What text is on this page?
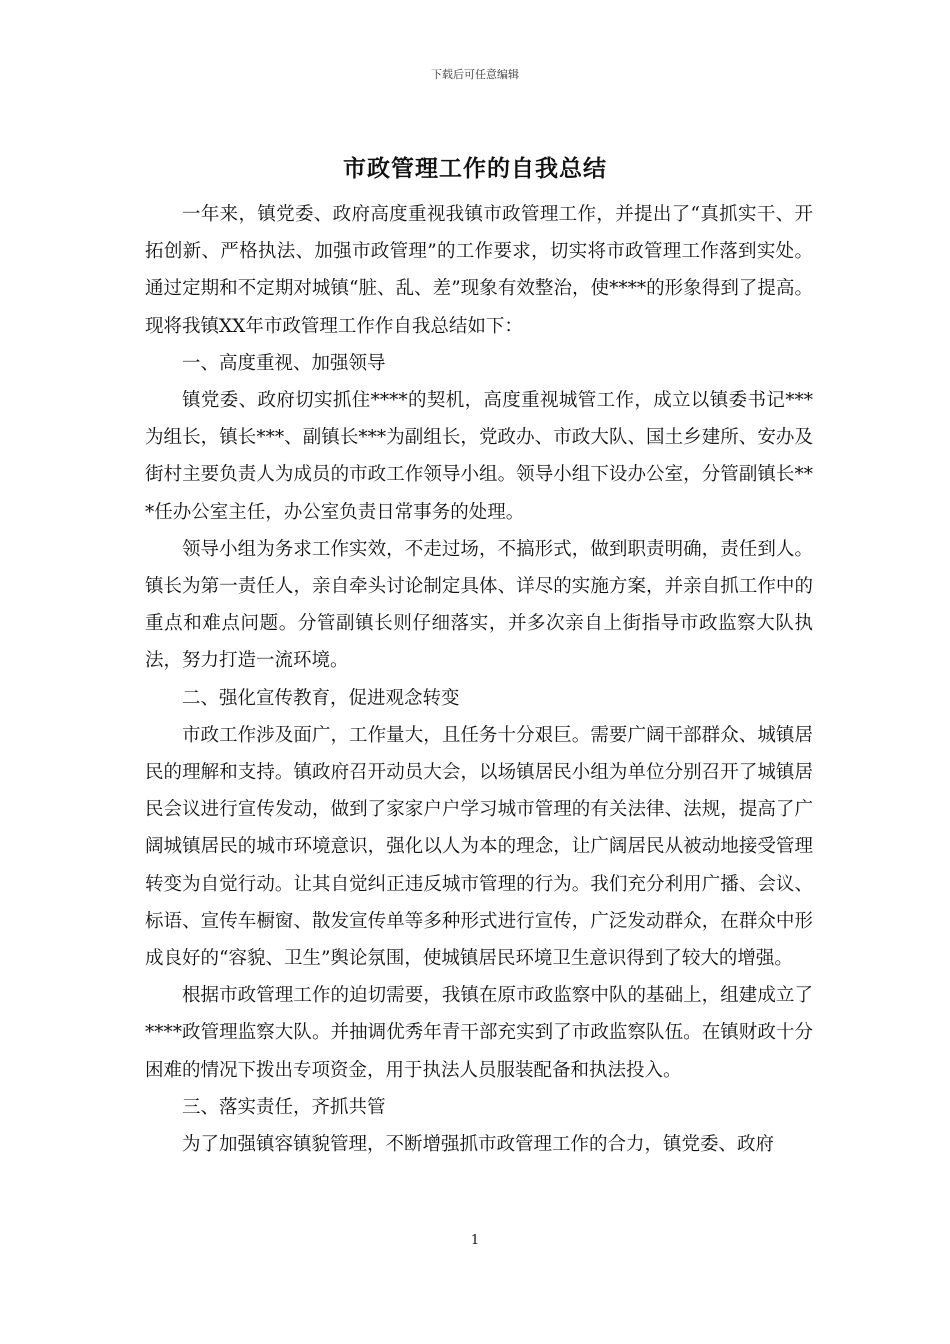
下载后可任意编辑
市政管理工作的自我总结

一年来，镇党委、政府高度重视我镇市政管理工作，并提出了“真抓实干、开拓创新、严格执法、加强市政管理”的工作要求，切实将市政管理工作落到实处。通过定期和不定期对城镇“脏、乱、差”现象有效整治，使****的形象得到了提高。现将我镇XX年市政管理工作作自我总结如下：

一、高度重视、加强领导

镇党委、政府切实抓住****的契机，高度重视城管工作，成立以镇委书记***为组长，镇长***、副镇长***为副组长，党政办、市政大队、国土乡建所、安办及街村主要负责人为成员的市政工作领导小组。领导小组下设办公室，分管副镇长***任办公室主任，办公室负责日常事务的处理。

领导小组为务求工作实效，不走过场，不搞形式，做到职责明确，责任到人。镇长为第一责任人，亲自牵头讨论制定具体、详尽的实施方案，并亲自抓工作中的重点和难点问题。分管副镇长则仔细落实，并多次亲自上街指导市政监察大队执法，努力打造一流环境。

二、强化宣传教育，促进观念转变

市政工作涉及面广，工作量大，且任务十分艰巨。需要广阔干部群众、城镇居民的理解和支持。镇政府召开动员大会，以场镇居民小组为单位分别召开了城镇居民会议进行宣传发动，做到了家家户户学习城市管理的有关法律、法规，提高了广阔城镇居民的城市环境意识，强化以人为本的理念，让广阔居民从被动地接受管理转变为自觉行动。让其自觉纠正违反城市管理的行为。我们充分利用广播、会议、标语、宣传车橱窗、散发宣传单等多种形式进行宣传，广泛发动群众，在群众中形成良好的“容貌、卫生”舆论氛围，使城镇居民环境卫生意识得到了较大的增强。

根据市政管理工作的迫切需要，我镇在原市政监察中队的基础上，组建成立了****政管理监察大队。并抽调优秀年青干部充实到了市政监察队伍。在镇财政十分困难的情况下拨出专项资金，用于执法人员服装配备和执法投入。

三、落实责任，齐抓共管

为了加强镇容镇貌管理，不断增强抓市政管理工作的合力，镇党委、政府

1
